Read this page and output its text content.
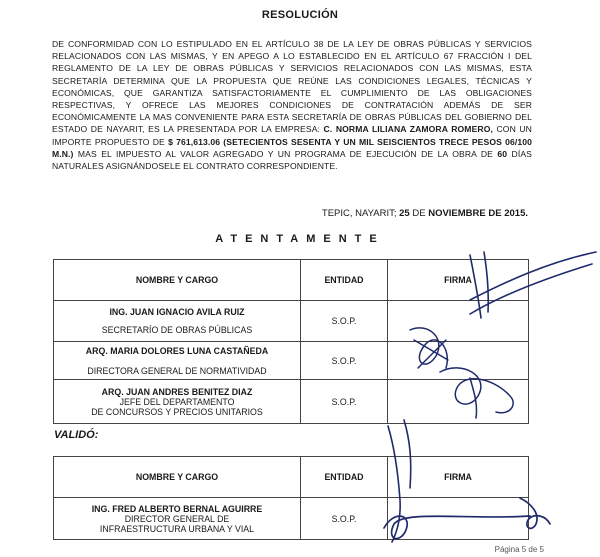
RESOLUCIÓN
DE CONFORMIDAD CON LO ESTIPULADO EN EL ARTÍCULO 38 DE LA LEY DE OBRAS PÚBLICAS Y SERVICIOS RELACIONADOS CON LAS MISMAS, Y EN APEGO A LO ESTABLECIDO EN EL ARTÍCULO 67 FRACCIÓN I DEL REGLAMENTO DE LA LEY DE OBRAS PÚBLICAS Y SERVICIOS RELACIONADOS CON LAS MISMAS, ESTA SECRETARÍA DETERMINA QUE LA PROPUESTA QUE REÚNE LAS CONDICIONES LEGALES, TÉCNICAS Y ECONÓMICAS, QUE GARANTIZA SATISFACTORIAMENTE EL CUMPLIMIENTO DE LAS OBLIGACIONES RESPECTIVAS, Y OFRECE LAS MEJORES CONDICIONES DE CONTRATACIÓN ADEMÁS DE SER ECONÓMICAMENTE LA MAS CONVENIENTE PARA ESTA SECRETARÍA DE OBRAS PÚBLICAS DEL GOBIERNO DEL ESTADO DE NAYARIT, ES LA PRESENTADA POR LA EMPRESA: C. NORMA LILIANA ZAMORA ROMERO, CON UN IMPORTE PROPUESTO DE $ 761,613.06 (SETECIENTOS SESENTA Y UN MIL SEISCIENTOS TRECE PESOS 06/100 M.N.) MAS EL IMPUESTO AL VALOR AGREGADO Y UN PROGRAMA DE EJECUCIÓN DE LA OBRA DE 60 DÍAS NATURALES ASIGNÁNDOSELE EL CONTRATO CORRESPONDIENTE.
TEPIC, NAYARIT; 25 DE NOVIEMBRE DE 2015.
ATENTAMENTE
NOMBRE Y CARGO	ENTIDAD	FIRMA

ING. JUAN IGNACIO AVILA RUIZ
SECRETARÍO DE OBRAS PÚBLICAS	S.O.P.	

ARQ. MARIA DOLORES LUNA CASTAÑEDA
DIRECTORA GENERAL DE NORMATIVIDAD	S.O.P.	

ARQ. JUAN ANDRES BENITEZ DIAZ
JEFE DEL DEPARTAMENTO
DE CONCURSOS Y PRECIOS UNITARIOS	S.O.P.	
VALIDÓ:
NOMBRE Y CARGO	ENTIDAD	FIRMA

ING. FRED ALBERTO BERNAL AGUIRRE
DIRECTOR GENERAL DE
INFRAESTRUCTURA URBANA Y VIAL	S.O.P.	
Página 5 de 5
